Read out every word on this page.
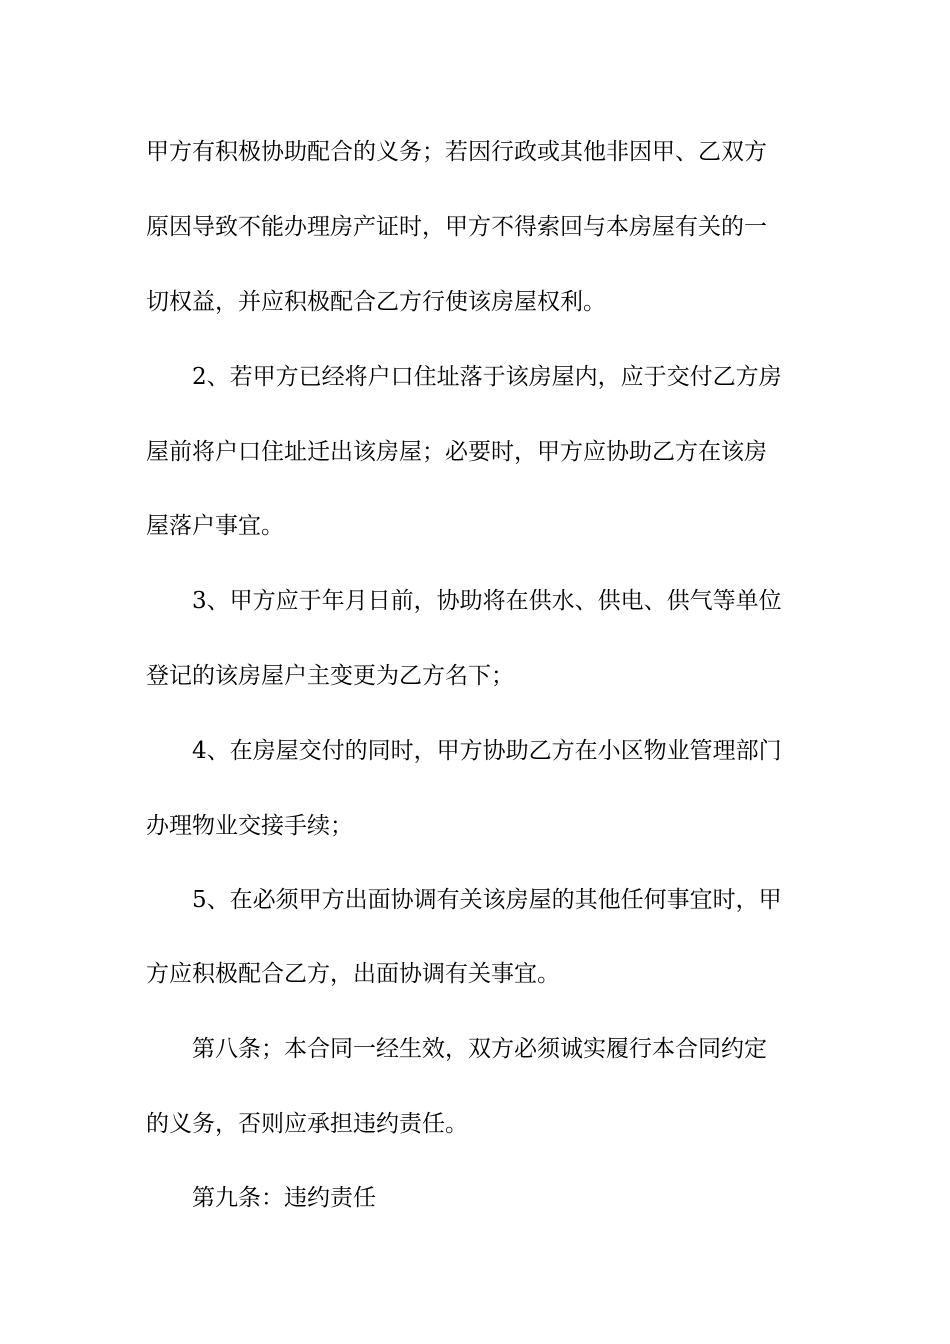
甲方有积极协助配合的义务；若因行政或其他非因甲、乙双方
原因导致不能办理房产证时，甲方不得索回与本房屋有关的一
切权益，并应积极配合乙方行使该房屋权利。
2、若甲方已经将户口住址落于该房屋内，应于交付乙方房
屋前将户口住址迁出该房屋；必要时，甲方应协助乙方在该房
屋落户事宜。
3、甲方应于年月日前，协助将在供水、供电、供气等单位
登记的该房屋户主变更为乙方名下；
4、在房屋交付的同时，甲方协助乙方在小区物业管理部门
办理物业交接手续；
5、在必须甲方出面协调有关该房屋的其他任何事宜时，甲
方应积极配合乙方，出面协调有关事宜。
第八条；本合同一经生效，双方必须诚实履行本合同约定
的义务，否则应承担违约责任。
第九条：违约责任
